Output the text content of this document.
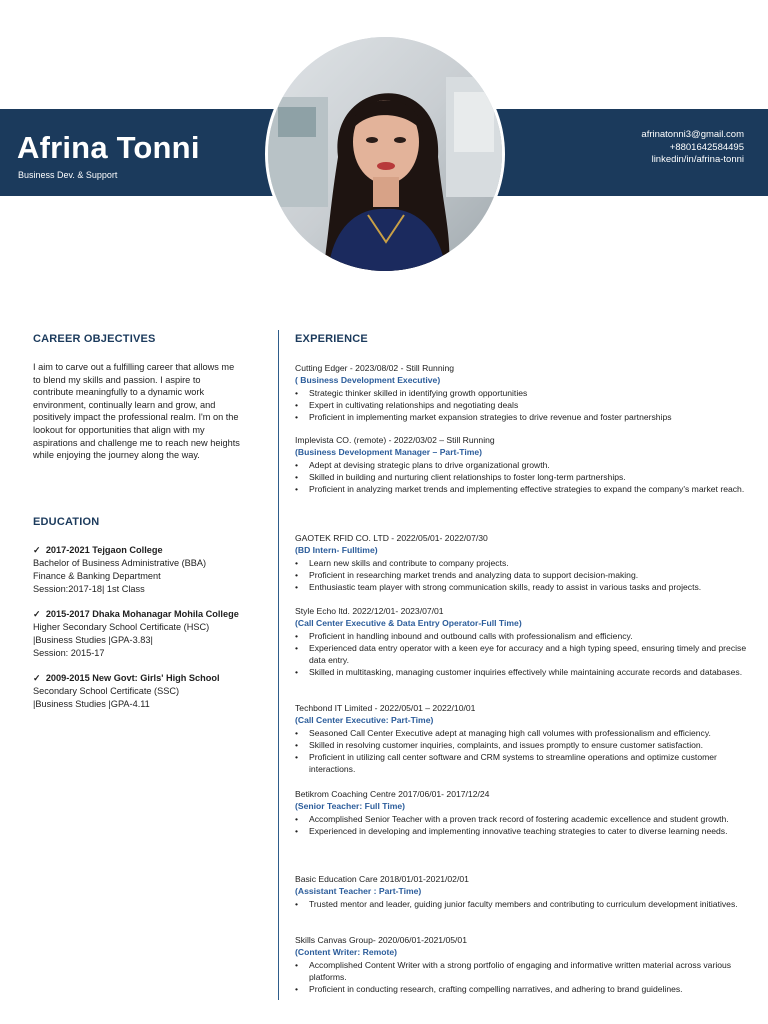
Afrina Tonni
Business Dev. & Support
afrinatonni3@gmail.com
+8801642584495
linkedin/in/afrina-tonni
CAREER OBJECTIVES
I aim to carve out a fulfilling career that allows me to blend my skills and passion. I aspire to contribute meaningfully to a dynamic work environment, continually learn and grow, and positively impact the professional realm. I'm on the lookout for opportunities that align with my aspirations and challenge me to reach new heights while enjoying the journey along the way.
EDUCATION
✓  2017-2021 Tejgaon College
Bachelor of Business Administrative (BBA)
Finance & Banking Department
Session:2017-18| 1st Class
✓  2015-2017 Dhaka Mohanagar Mohila College
Higher Secondary School Certificate (HSC)
|Business Studies |GPA-3.83|
Session: 2015-17
✓  2009-2015 New Govt: Girls' High School
Secondary School Certificate (SSC)
|Business Studies |GPA-4.11
EXPERIENCE
Cutting Edger - 2023/08/02 - Still Running
( Business Development Executive)
• Strategic thinker skilled in identifying growth opportunities
• Expert in cultivating relationships and negotiating deals
• Proficient in implementing market expansion strategies to drive revenue and foster partnerships
Implevista CO. (remote) - 2022/03/02 – Still Running
(Business Development Manager – Part-Time)
• Adept at devising strategic plans to drive organizational growth.
• Skilled in building and nurturing client relationships to foster long-term partnerships.
• Proficient in analyzing market trends and implementing effective strategies to expand the company's market reach.
GAOTEK RFID CO. LTD - 2022/05/01- 2022/07/30
(BD Intern- Fulltime)
• Learn new skills and contribute to company projects.
• Proficient in researching market trends and analyzing data to support decision-making.
• Enthusiastic team player with strong communication skills, ready to assist in various tasks and projects.
Style Echo ltd. 2022/12/01- 2023/07/01
(Call Center Executive & Data Entry Operator-Full Time)
• Proficient in handling inbound and outbound calls with professionalism and efficiency.
• Experienced data entry operator with a keen eye for accuracy and a high typing speed, ensuring timely and precise data entry.
• Skilled in multitasking, managing customer inquiries effectively while maintaining accurate records and databases.
Techbond IT Limited - 2022/05/01 – 2022/10/01
(Call Center Executive: Part-Time)
• Seasoned Call Center Executive adept at managing high call volumes with professionalism and efficiency.
• Skilled in resolving customer inquiries, complaints, and issues promptly to ensure customer satisfaction.
• Proficient in utilizing call center software and CRM systems to streamline operations and optimize customer interactions.
Betikrom Coaching Centre 2017/06/01- 2017/12/24
(Senior Teacher: Full Time)
• Accomplished Senior Teacher with a proven track record of fostering academic excellence and student growth.
• Experienced in developing and implementing innovative teaching strategies to cater to diverse learning needs.
Basic Education Care 2018/01/01-2021/02/01
(Assistant Teacher : Part-Time)
• Trusted mentor and leader, guiding junior faculty members and contributing to curriculum development initiatives.
Skills Canvas Group- 2020/06/01-2021/05/01
(Content Writer: Remote)
• Accomplished Content Writer with a strong portfolio of engaging and informative written material across various platforms.
• Proficient in conducting research, crafting compelling narratives, and adhering to brand guidelines.
